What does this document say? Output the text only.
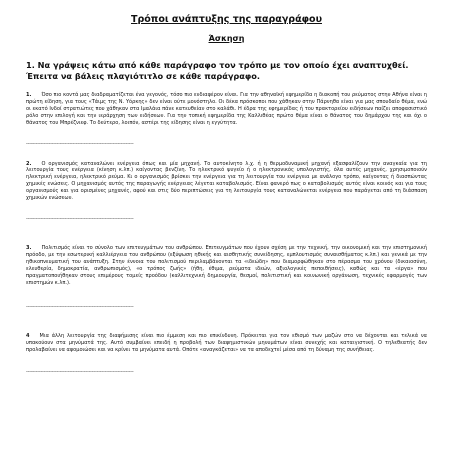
Τρόποι ανάπτυξης της παραγράφου

Άσκηση

1. Να γράψεις κάτω από κάθε παράγραφο τον τρόπο με τον οποίο έχει αναπτυχθεί. Έπειτα να βάλεις πλαγιότιτλο σε κάθε παράγραφο.

1. Όσο πιο κοντά μας διαδραματίζεται ένα γεγονός, τόσο πιο ενδιαφέρον είναι. Για την αθηναϊκή εφημερίδα η διακοπή του ρεύματος στην Αθήνα είναι η πρώτη είδηση, για τους «Τάιμς της Ν. Υόρκης» δεν είναι ούτε μονόστηλο. Οι δέκα πρόσκοποι που χάθηκαν στην Πάρνηθα είναι για μας σπουδαίο θέμα, ενώ οι εκατό Ινδοί στρατιώτες που χάθηκαν στα Ιμαλάια πάνε κατευθείαν στο καλάθι. Η έδρα της εφημερίδας ή του πρακτορείου ειδήσεων παίζει αποφασιστικό ρόλο στην επιλογή και την ιεράρχηση των ειδήσεων. Για την τοπική εφημερίδα της Καλλιθέας πρώτο θέμα είναι ο θάνατος του δημάρχου της και όχι ο θάνατος του Μπρέζνιεφ. Το δεύτερο, λοιπόν, αστέρι της είδησης είναι η εγγύτητα.

-------------------------------------------------------------------

2. Ο οργανισμός καταναλώνει ενέργεια όπως και μία μηχανή. Το αυτοκίνητο λ.χ. ή η θερμοδυναμική μηχανή εξασφαλίζουν την αναγκαία για τη λειτουργία τους ενέργεια (κίνηση κ.λπ.) καίγοντας βενζίνη. Το ηλεκτρικό ψυγείο ή ο ηλεκτρονικός υπολογιστής, όλα αυτές μηχανές, χρησιμοποιούν ηλεκτρική ενέργεια, ηλεκτρικό ρεύμα. Κι ο οργανισμός βρίσκει την ενέργεια για τη λειτουργία του ενέργεια με ανάλογο τρόπο, καίγοντας ή διασπώντας χημικές ενώσεις. Ο μηχανισμός αυτός της παραγωγής ενέργειας λέγεται καταβολισμός. Είναι φανερό πως ο καταβολισμός αυτός είναι κοινός και για τους οργανισμούς και για ορισμένες μηχανές, αφού και στις δύο περιπτώσεις για τη λειτουργία τους καταναλώνεται ενέργεια που παράγεται από τη διάσπαση χημικών ενώσεων.

-------------------------------------------------------------------

3. Πολιτισμός είναι το σύνολο των επιτευγμάτων του ανθρώπου. Επιτευγμάτων που έχουν σχέση με την τεχνική, την οικονομική και την επιστημονική πρόοδο, με την εσωτερική καλλιέργεια του ανθρώπου (εξύψωση ηθικής και αισθητικής συνείδησης, εμπλουτισμός συναισθήματος κ.λπ.) και γενικά με την ηθικοπνευματική του ανάπτυξη. Στην έννοια του πολιτισμού περιλαμβάνονται τα «ιδεώδη» που διαμορφώθηκαν στο πέρασμα του χρόνου (δικαιοσύνη, ελευθερία, δημοκρατία, ανθρωπισμός), «ο τρόπος ζωής» (ήθη, έθιμα, ρεύματα ιδεών, αξιολογικές πεποιθήσεις), καθώς και τα «έργα» που πραγματοποιήθηκαν στους επιμέρους τομείς προόδου (καλλιτεχνική δημιουργία, θεσμοί, πολιτιστική και κοινωνική οργάνωση, τεχνικές εφαρμογές των επιστημών κ.λπ.).

-------------------------------------------------------------------

4 Μια άλλη λειτουργία της διαφήμισης είναι πιο έμμεση και πιο επικίνδυνη. Πρόκειται για τον εθισμό των μαζών στο να δέχονται και τελικά να υπακούουν στα μηνύματά της. Αυτό συμβαίνει επειδή η προβολή των διαφημιστικών μηνυμάτων είναι συνεχής και καταιγιστική. Ο τηλεθεατής δεν προλαβαίνει να αφομοιώσει και να κρίνει τα μηνύματα αυτά. Οπότε «αναγκάζεται» να τα αποδεχτεί μέσα από τη δύναμη της συνήθειας.

-------------------------------------------------------------------
